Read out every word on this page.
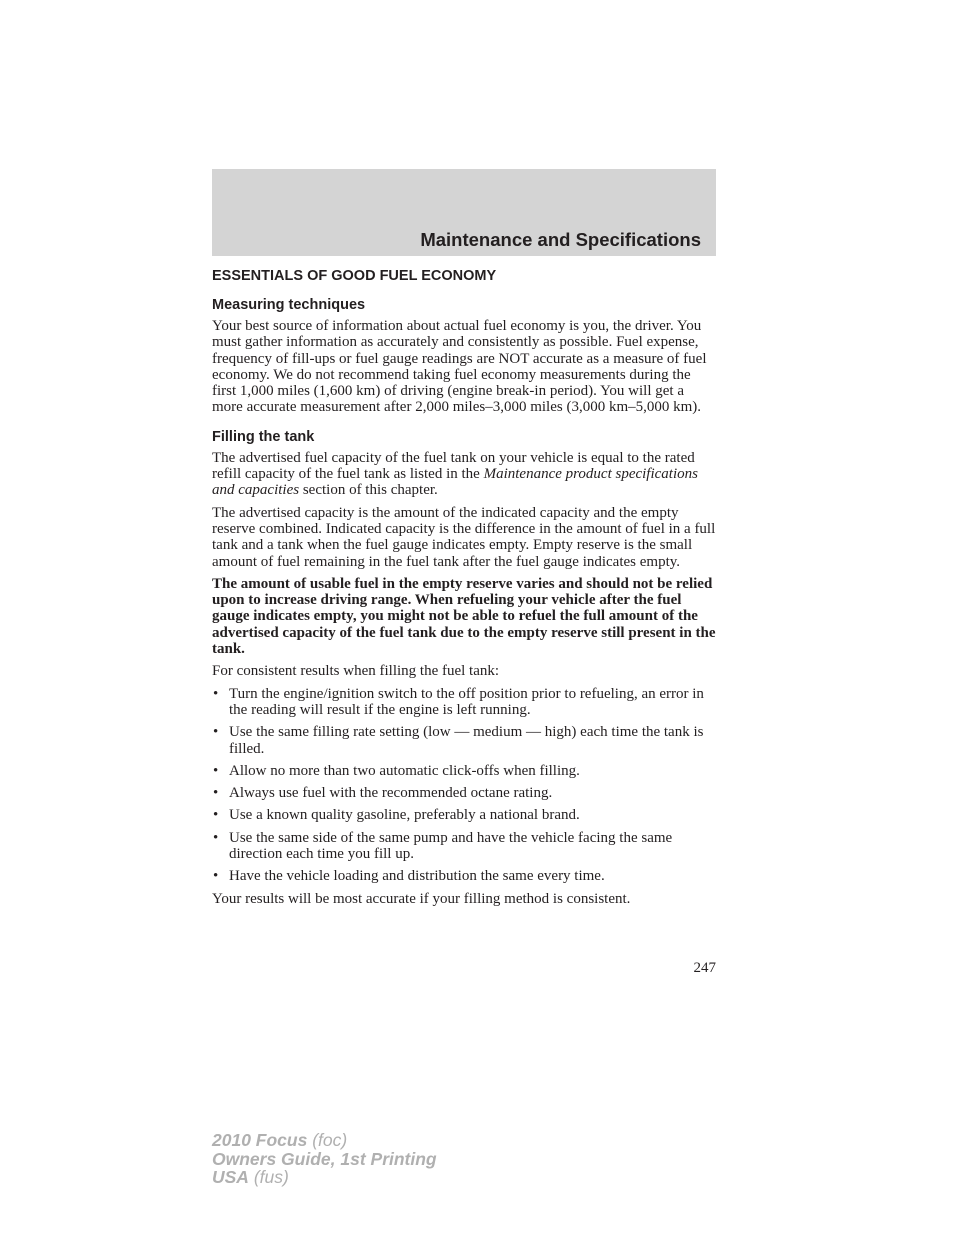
Maintenance and Specifications
ESSENTIALS OF GOOD FUEL ECONOMY
Measuring techniques

Your best source of information about actual fuel economy is you, the driver. You must gather information as accurately and consistently as possible. Fuel expense, frequency of fill-ups or fuel gauge readings are NOT accurate as a measure of fuel economy. We do not recommend taking fuel economy measurements during the first 1,000 miles (1,600 km) of driving (engine break-in period). You will get a more accurate measurement after 2,000 miles–3,000 miles (3,000 km–5,000 km).

Filling the tank

The advertised fuel capacity of the fuel tank on your vehicle is equal to the rated refill capacity of the fuel tank as listed in the Maintenance product specifications and capacities section of this chapter.

The advertised capacity is the amount of the indicated capacity and the empty reserve combined. Indicated capacity is the difference in the amount of fuel in a full tank and a tank when the fuel gauge indicates empty. Empty reserve is the small amount of fuel remaining in the fuel tank after the fuel gauge indicates empty.

The amount of usable fuel in the empty reserve varies and should not be relied upon to increase driving range. When refueling your vehicle after the fuel gauge indicates empty, you might not be able to refuel the full amount of the advertised capacity of the fuel tank due to the empty reserve still present in the tank.

For consistent results when filling the fuel tank:

• Turn the engine/ignition switch to the off position prior to refueling, an error in the reading will result if the engine is left running.
• Use the same filling rate setting (low — medium — high) each time the tank is filled.
• Allow no more than two automatic click-offs when filling.
• Always use fuel with the recommended octane rating.
• Use a known quality gasoline, preferably a national brand.
• Use the same side of the same pump and have the vehicle facing the same direction each time you fill up.
• Have the vehicle loading and distribution the same every time.

Your results will be most accurate if your filling method is consistent.

247
2010 Focus (foc)
Owners Guide, 1st Printing
USA (fus)
